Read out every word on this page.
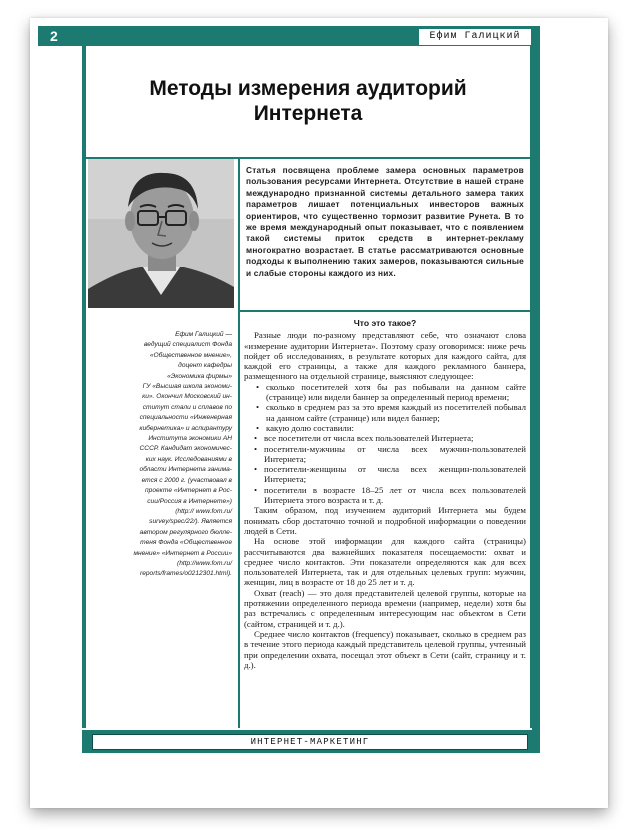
2	Ефим Галицкий
Методы измерения аудиторий Интернета
Статья посвящена проблеме замера основных параметров пользования ресурсами Интернета. Отсутствие в нашей стране международно признанной системы детального замера таких параметров лишает потенциальных инвесторов важных ориентиров, что существенно тормозит развитие Рунета. В то же время международный опыт показывает, что с появлением такой системы приток средств в интернет-рекламу многократно возрастает. В статье рассматриваются основные подходы к выполнению таких замеров, показываются сильные и слабые стороны каждого из них.

Ефим Галицкий —

ведущий специалист Фонда

«Общественное мнение»,

доцент кафедры

«Экономика фирмы»

ГУ «Высшая школа экономи-

ки». Окончил Московский ин-

ститут стали и сплавов по

специальности «Инженерная

кибернетика» и аспирантуру

Института экономики АН

СССР. Кандидат экономичес-

ких наук. Исследованиями в

области Интернета занима-

ется с 2000 г. (участвовал в

проекте «Интернет в Рос-

сии/Россия в Интернете»)

(http:// www.fom.ru/

survey/spec/22/). Является

автором регулярного бюлле-

теня Фонда «Общественное

мнение» «Интернет в России»

(http://www.fom.ru/

reports/frames/o0212301.html).

Что это такое?

Разные люди по-разному представляют себе, что означают слова «измерение аудитории Интернета». Поэтому сразу оговоримся: ниже речь пойдет об исследованиях, в результате которых для каждого сайта, для каждой его страницы, а также для каждого рекламного баннера, размещенного на отдельной странице, выясняют следующее:

• сколько посетителей хотя бы раз побывали на данном сайте (странице) или видели баннер за определенный период времени;
• сколько в среднем раз за это время каждый из посетителей побывал на данном сайте (странице) или видел баннер;
• какую долю составили:
• все посетители от числа всех пользователей Интернета;
• посетители-мужчины от числа всех мужчин-пользователей Интернета;
• посетители-женщины от числа всех женщин-пользователей Интернета;
• посетители в возрасте 18–25 лет от числа всех пользователей Интернета этого возраста и т. д.

Таким образом, под изучением аудиторий Интернета мы будем понимать сбор достаточно точной и подробной информации о поведении людей в Сети.

На основе этой информации для каждого сайта (страницы) рассчитываются два важнейших показателя посещаемости: охват и среднее число контактов. Эти показатели определяются как для всех пользователей Интернета, так и для отдельных целевых групп: мужчин, женщин, лиц в возрасте от 18 до 25 лет и т. д.

Охват (reach) — это доля представителей целевой группы, которые на протяжении определенного периода времени (например, недели) хотя бы раз встречались с определенным интересующим нас объектом в Сети (сайтом, страницей и т. д.).

Среднее число контактов (frequency) показывает, сколько в среднем раз в течение этого периода каждый представитель целевой группы, учтенный при определении охвата, посещал этот объект в Сети (сайт, страницу и т. д.).

ИНТЕРНЕТ-МАРКЕТИНГ
